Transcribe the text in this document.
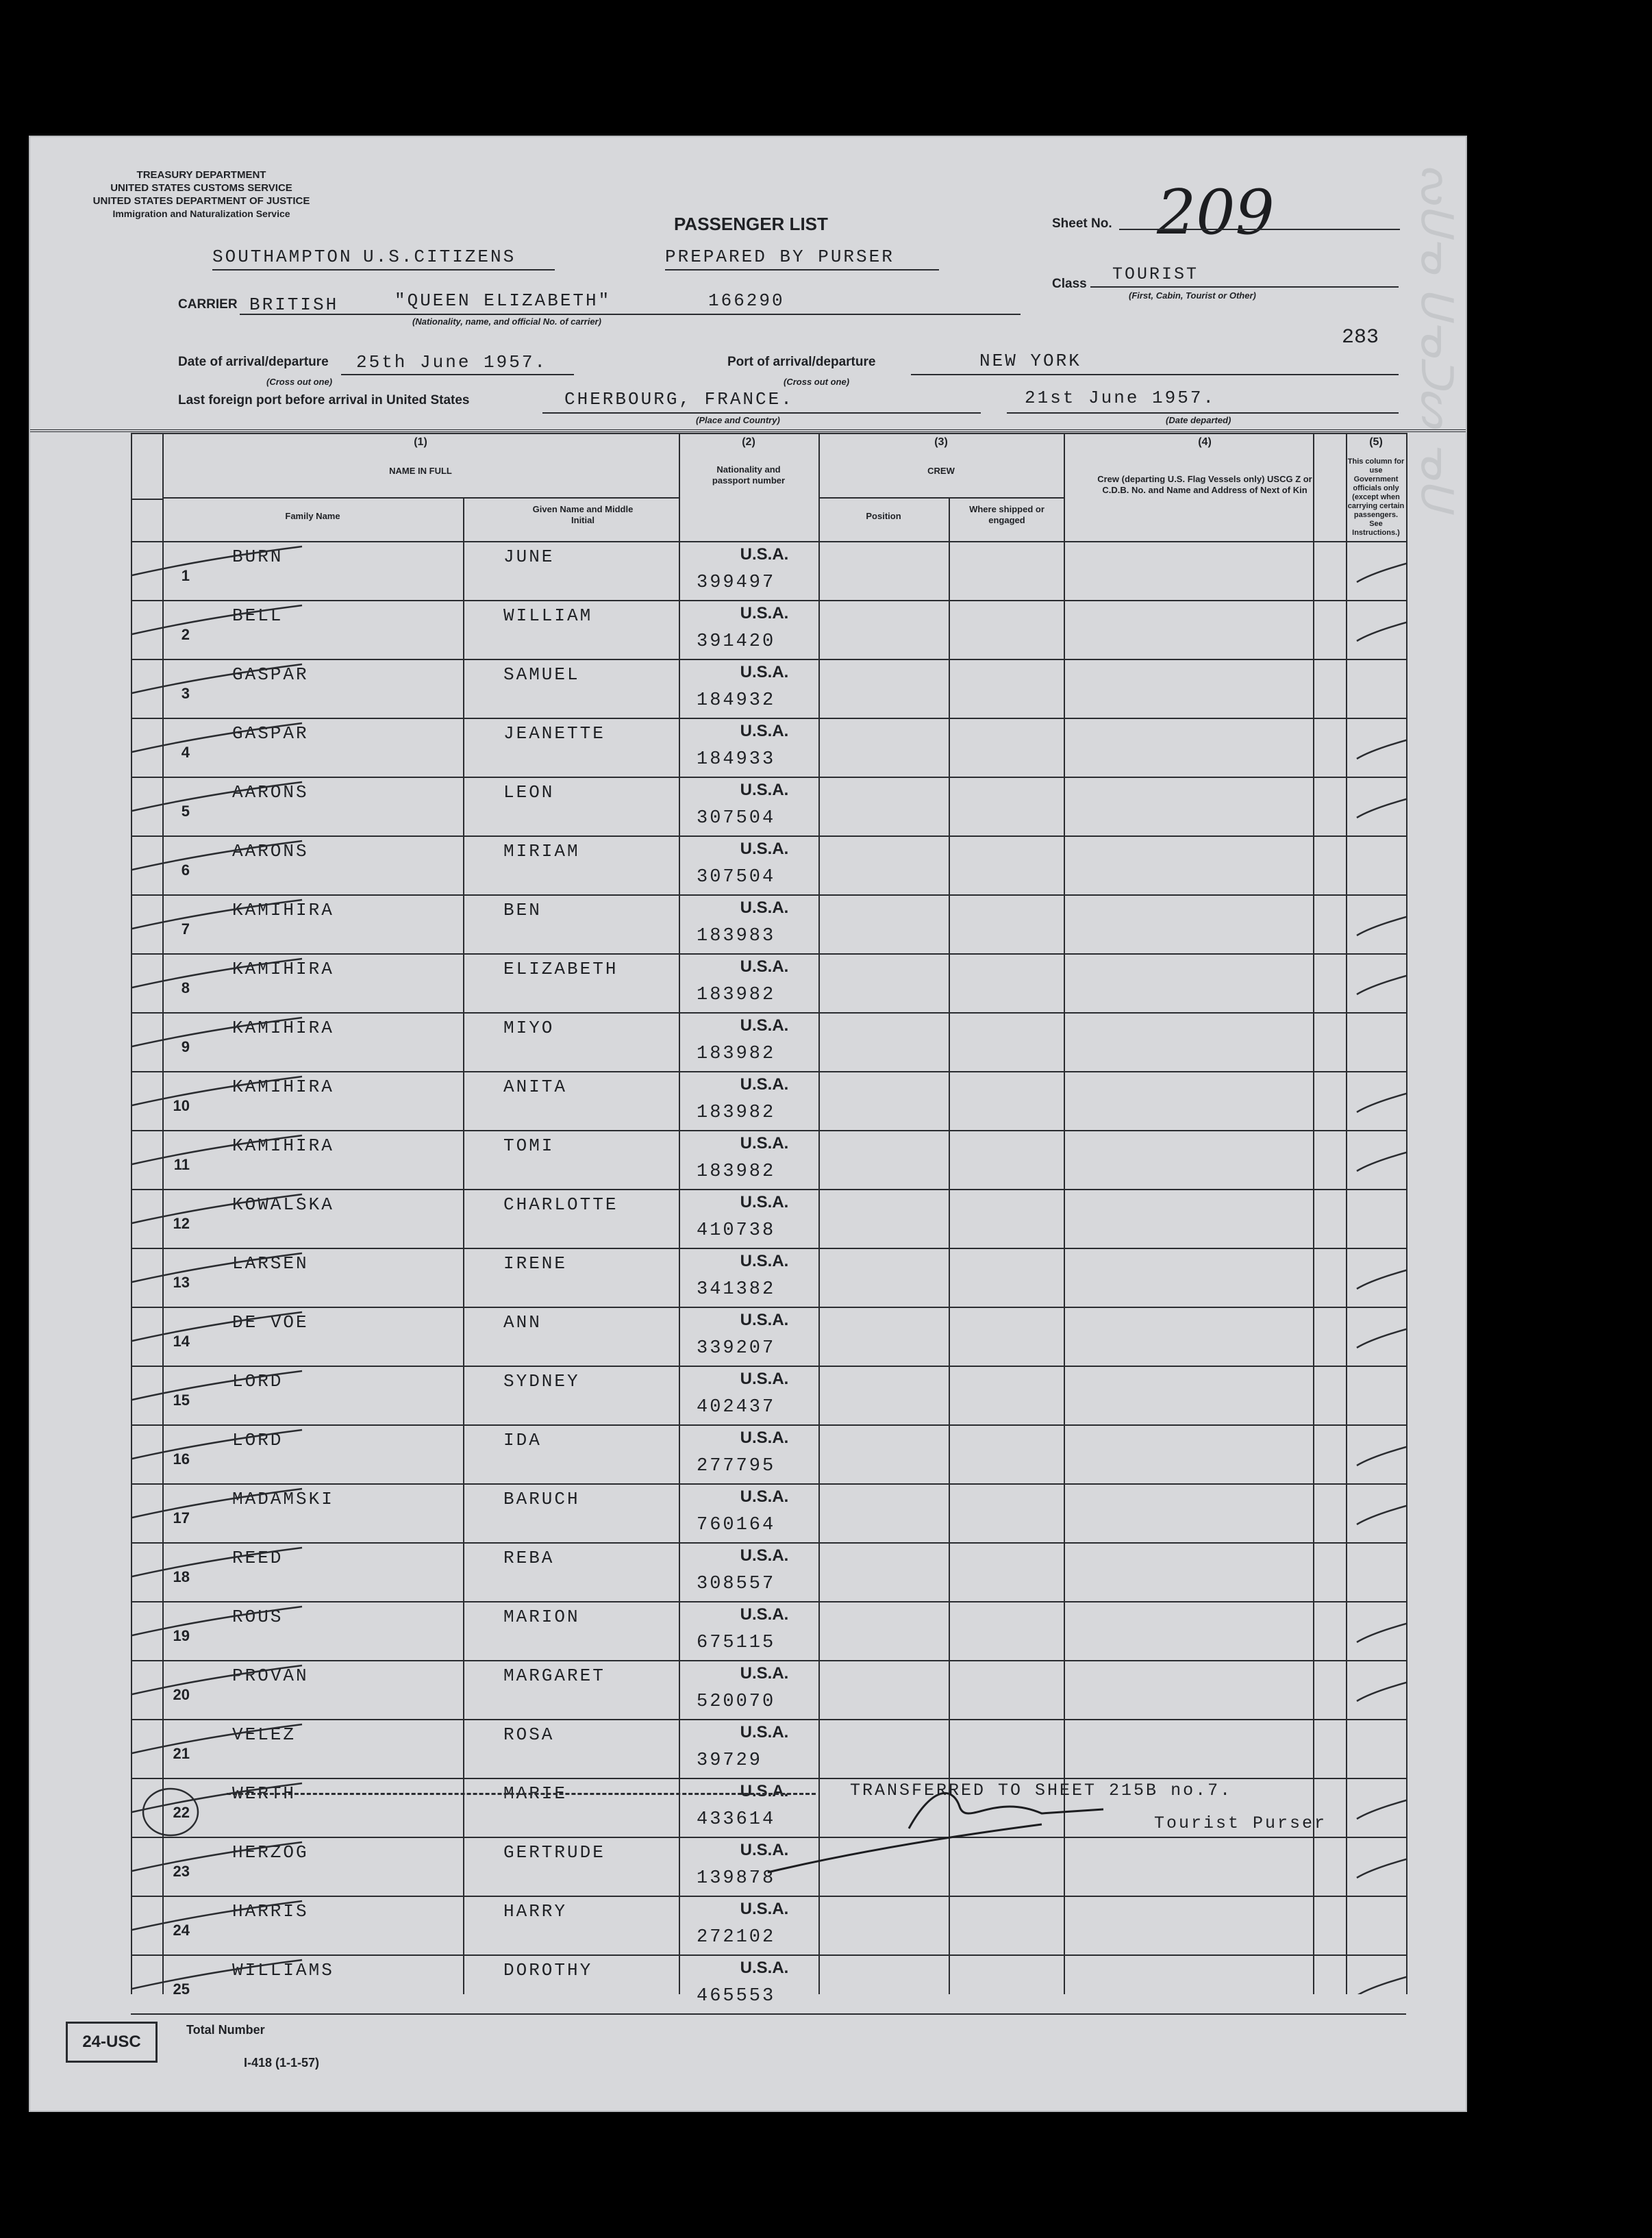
ᔓᑌᓀ ᑌᓀᑐᔕ ᓀᑌ
TREASURY DEPARTMENT
UNITED STATES CUSTOMS SERVICE
UNITED STATES DEPARTMENT OF JUSTICE
Immigration and Naturalization Service	PASSENGER LIST
PREPARED BY PURSER
SOUTHAMPTON U.S.CITIZENS
Sheet No. 209
Class TOURIST
(First, Cabin, Tourist or Other)
CARRIER BRITISH	"QUEEN ELIZABETH"	166290
(Nationality, name, and official No. of carrier)
283
Date of arrival/departure 25th June 1957.
(Cross out one)
Port of arrival/departure	NEW YORK
(Cross out one)
Last foreign port before arrival in United States	CHERBOURG, FRANCE.
(Place and Country)
21st June 1957.
(Date departed)
(1)
NAME IN FULL
Family Name
Given Name and Middle Initial
(2)
Nationality and passport number
(3)
CREW
Position
Where shipped or engaged
(4)
Crew (departing U.S. Flag Vessels only) USCG Z or C.D.B. No. and Name and Address of Next of Kin
(5)
This column for use Government officials only (except when carrying certain passengers. See Instructions.)
1
BURN	JUNE	U.S.A.
399497
2
BELL	WILLIAM	U.S.A.
391420
3
GASPAR	SAMUEL	U.S.A.
184932
4
GASPAR	JEANETTE	U.S.A.
184933
5
AARONS	LEON	U.S.A.
307504
6
AARONS	MIRIAM	U.S.A.
307504
7
KAMIHIRA	BEN	U.S.A.
183983
8
KAMIHIRA	ELIZABETH	U.S.A.
183982
9
KAMIHIRA	MIYO	U.S.A.
183982
10
KAMIHIRA	ANITA	U.S.A.
183982
11
KAMIHIRA	TOMI	U.S.A.
183982
12
KOWALSKA	CHARLOTTE	U.S.A.
410738
13
LARSEN	IRENE	U.S.A.
341382
14
DE VOE	ANN	U.S.A.
339207
15
LORD	SYDNEY	U.S.A.
402437
16
LORD	IDA	U.S.A.
277795
17
MADAMSKI	BARUCH	U.S.A.
760164
18
REED	REBA	U.S.A.
308557
19
ROUS	MARION	U.S.A.
675115
20
PROVAN	MARGARET	U.S.A.
520070
21
VELEZ	ROSA	U.S.A.
39729
22
WERTH	MARIE	U.S.A.
433614
TRANSFERRED TO SHEET 215B no.7.
Tourist Purser
23
HERZOG	GERTRUDE	U.S.A.
139878
24
HARRIS	HARRY	U.S.A.
272102
25
WILLIAMS	DOROTHY	U.S.A.
465553
24-USC
Total Number
I-418 (1-1-57)
